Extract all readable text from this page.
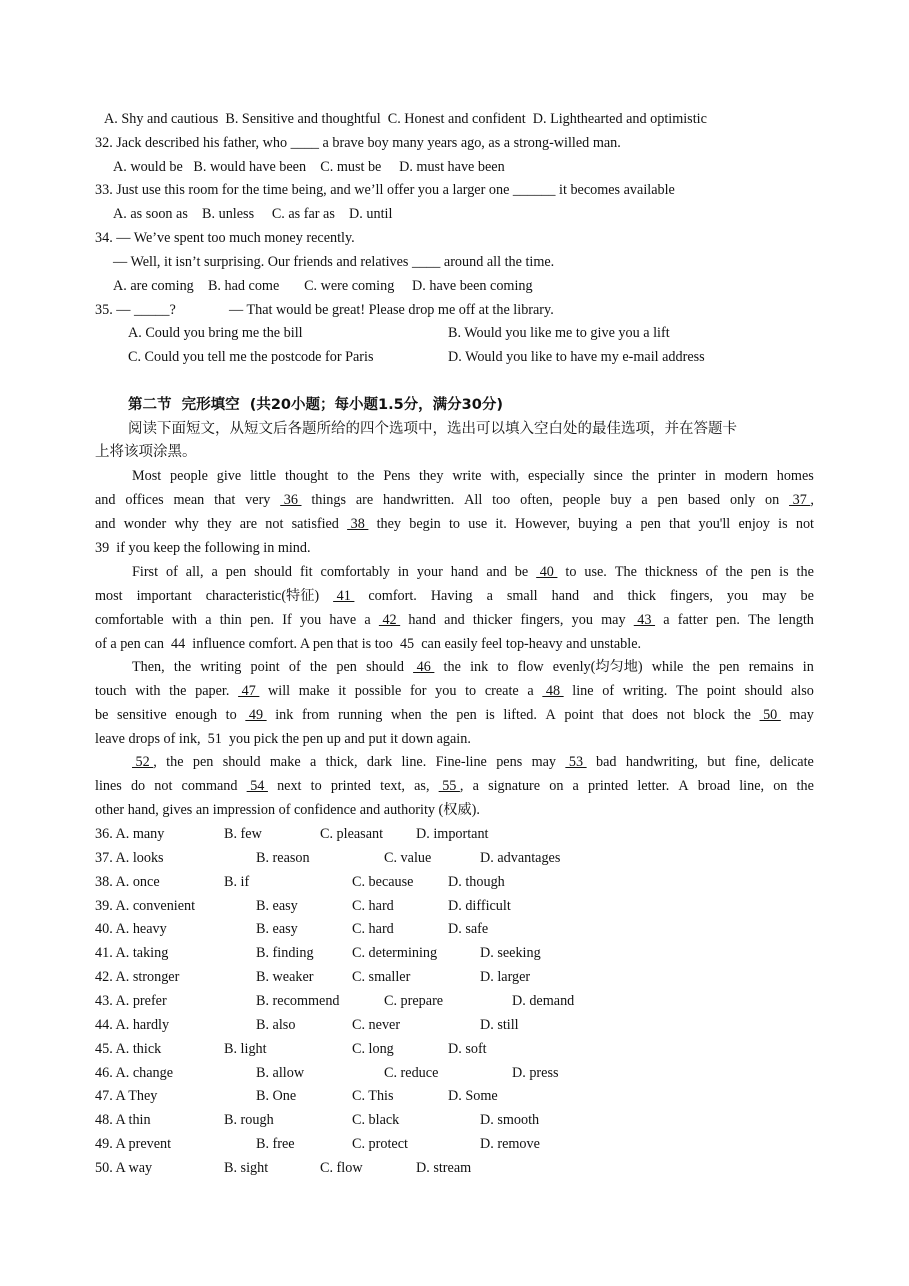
A. Shy and cautious  B. Sensitive and thoughtful  C. Honest and confident  D. Lighthearted and optimistic
32. Jack described his father, who ____ a brave boy many years ago, as a strong-willed man.
A. would be   B. would have been    C. must be     D. must have been
33. Just use this room for the time being, and we’ll offer you a larger one ______ it becomes available
A. as soon as    B. unless     C. as far as    D. until
34. — We’ve spent too much money recently.
— Well, it isn’t surprising. Our friends and relatives ____ around all the time.
A. are coming    B. had come       C. were coming     D. have been coming
35. — _____?               — That would be great! Please drop me off at the library.
A. Could you bring me the bill	B. Would you like me to give you a lift
C. Could you tell me the postcode for Paris	D. Would you like to have my e-mail address
第二节  完形填空  (共20小题；每小题1.5分，满分30分)
阅读下面短文，从短文后各题所给的四个选项中，选出可以填入空白处的最佳选项，并在答题卡
上将该项涂黑。
Most people give little thought to the Pens they write with, especially since the printer in modern homes
and offices mean that very 36 things are handwritten. All too often, people buy a pen based only on 37 ,
and wonder why they are not satisfied 38 they begin to use it. However, buying a pen that you'll enjoy is not
39  if you keep the following in mind.
First of all, a pen should fit comfortably in your hand and be 40 to use. The thickness of the pen is the
most important characteristic(特征) 41 comfort. Having a small hand and thick fingers, you may be
comfortable with a thin pen. If you have a 42 hand and thicker fingers, you may 43 a fatter pen. The length
of a pen can  44  influence comfort. A pen that is too  45  can easily feel top-heavy and unstable.
Then, the writing point of the pen should 46 the ink to flow evenly(均匀地) while the pen remains in
touch with the paper. 47 will make it possible for you to create a 48 line of writing. The point should also
be sensitive enough to 49 ink from running when the pen is lifted. A point that does not block the 50 may
leave drops of ink,  51  you pick the pen up and put it down again.
52 , the pen should make a thick, dark line. Fine-line pens may 53 bad handwriting, but fine, delicate
lines do not command 54 next to printed text, as, 55 , a signature on a printed letter. A broad line, on the
other hand, gives an impression of confidence and authority (权威).
36. A. many	B. few	C. pleasant D. important
37. A. looks	B. reason	C. value	D. advantages
38. A. once	B. if	C. because D. though
39. A. convenient	B. easy	C. hard	D. difficult
40. A. heavy	B. easy	C. hard	D. safe
41. A. taking	B. finding	C. determining	D. seeking
42. A. stronger	B. weaker	C. smaller	D. larger
43. A. prefer	B. recommend	C. prepare	D. demand
44. A. hardly	B. also	C. never	D. still
45. A. thick	B. light	C. long	D. soft
46. A. change	B. allow	C. reduce	D. press
47. A They	B. One	C. This	D. Some
48. A thin	B. rough	C. black	D. smooth
49. A prevent	B. free	C. protect	D. remove
50. A way	B. sight	C. flow	D. stream
